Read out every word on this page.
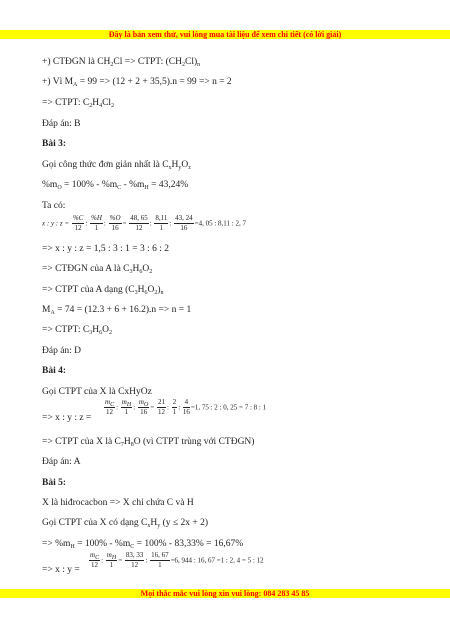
Đây là bản xem thử, vui lòng mua tài liệu để xem chi tiết (có lời giải)
+) CTĐGN là $CH_2Cl$ => CTPT: $(CH_2Cl)_n$
+) Vì $M_A = 99 => (12 + 2 + 35,5).n = 99 => n = 2$
=> CTPT: $C_2H_4Cl_2$
Đáp án: B
Bài 3:
Gọi công thức đơn giản nhất là $C_xH_yO_z$
$\%m_O = 100\% - \%m_C - \%m_H = 43,24\%$
Ta có:
x : y : $z = \frac{\%C}{12}$ : $\frac{\%H}{1}$ : $\frac{\%O}{16} = \frac{48, 65}{12}$ : $\frac{8,11}{1}$ : $\frac{43, 24}{16} =4$, 05 : 8,11 : 2, 7
=> x : y : z = 1,5 : 3 : 1 = 3 : 6 : 2
=> CTĐGN của A là $C_3H_6O_2$
=> CTPT của A dạng $(C_3H_6O_2)_n$
$M_A = 74 = (12.3 + 6 + 16.2).n => n = 1$
=> CTPT: $C_3H_6O_2$
Đáp án: D
Bài 4:
Gọi CTPT của X là CxHyOz
=> x : y : z =
$\frac{m_C}{12}$ : $\frac{m_H}{1}$ : $\frac{m_O}{16} = \frac{21}{12}$ : $\frac{2}{1}$ : $\frac{4}{16} =1$, 75 : 2 : 0, 25 = 7 : 8 : 1
=> CTPT của X là $C_7H_8O$ (vì CTPT trùng với CTĐGN)
Đáp án: A
Bài 5:
X là hiđrocacbon => X chỉ chứa C và H
Gọi CTPT của X có dạng $C_xH_y$ (y ≤ 2x + 2)
=> $\%m_H = 100\% - \%m_C = 100\% - 83,33\% = 16,67\%$
=> x : $y = \frac{m_C}{12}$ : $\frac{m_H}{1} = \frac{83, 33}{12}$ : $\frac{16, 67}{1} =6$, 944 : 16, 67 =1 : 2, 4 = 5 : 12
Mọi thắc mắc vui lòng xin vui lòng: 084 283 45 85
